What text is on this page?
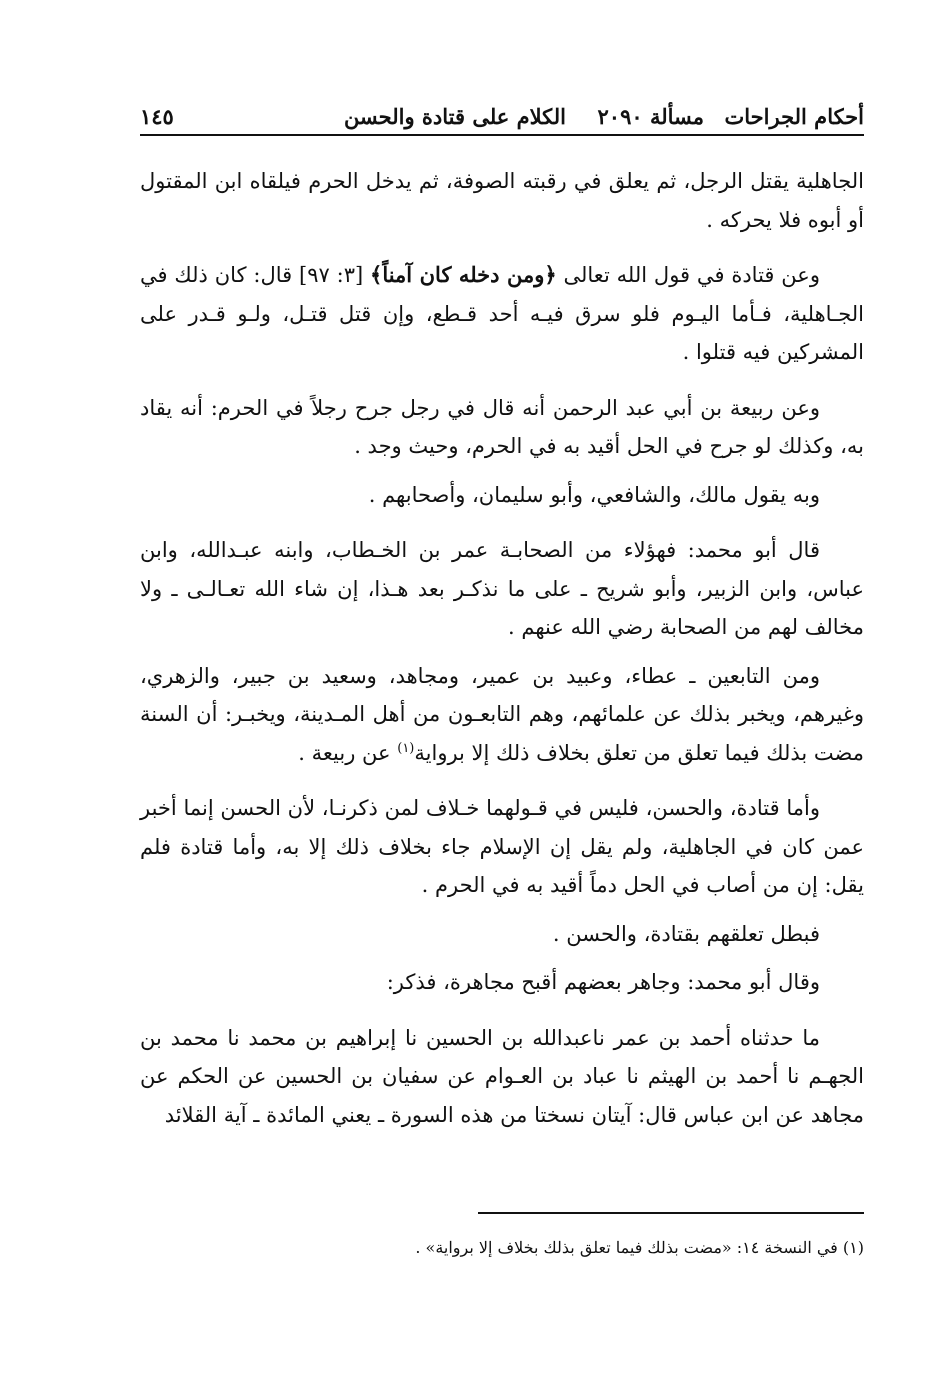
أحكام الجراحات
مسألة ٢٠٩٠
الكلام على قتادة والحسن
١٤٥

الجاهلية يقتل الرجل، ثم يعلق في رقبته الصوفة، ثم يدخل الحرم فيلقاه ابن المقتول أو أبوه فلا يحركه .

وعن قتادة في قول الله تعالى ﴿ومن دخله كان آمناً﴾ [٣: ٩٧] قال: كان ذلك في الجـاهلية، فـأما اليـوم فلو سرق فيـه أحد قـطع، وإن قتل قتـل، ولـو قـدر على المشركين فيه قتلوا .

وعن ربيعة بن أبي عبد الرحمن أنه قال في رجل جرح رجلاً في الحرم: أنه يقاد به، وكذلك لو جرح في الحل أقيد به في الحرم، وحيث وجد .

وبه يقول مالك، والشافعي، وأبو سليمان، وأصحابهم .

قال أبو محمد: فهؤلاء من الصحابـة عمر بن الخـطاب، وابنه عبـدالله، وابن عباس، وابن الزبير، وأبو شريح ـ على ما نذكـر بعد هـذا، إن شاء الله تعـالـى ـ ولا مخالف لهم من الصحابة رضي الله عنهم .

ومن التابعين ـ عطاء، وعبيد بن عمير، ومجاهد، وسعيد بن جبير، والزهري، وغيرهم، ويخبر بذلك عن علمائهم، وهم التابعـون من أهل المـدينة، ويخبـر: أن السنة مضت بذلك فيما تعلق من تعلق بخلاف ذلك إلا برواية$^{(١)}$ عن ربيعة .

وأما قتادة، والحسن، فليس في قـولهما خـلاف لمن ذكرنـا، لأن الحسن إنما أخبر عمن كان في الجاهلية، ولم يقل إن الإسلام جاء بخلاف ذلك إلا به، وأما قتادة فلم يقل: إن من أصاب في الحل دماً أقيد به في الحرم .

فبطل تعلقهم بقتادة، والحسن .

وقال أبو محمد: وجاهر بعضهم أقبح مجاهرة، فذكر:

ما حدثناه أحمد بن عمر ناعبدالله بن الحسين نا إبراهيم بن محمد نا محمد بن الجهـم نا أحمد بن الهيثم نا عباد بن العـوام عن سفيان بن الحسين عن الحكم عن مجاهد عن ابن عباس قال: آيتان نسختا من هذه السورة ـ يعني المائدة ـ آية القلائد

(١) في النسخة ١٤: «مضت بذلك فيما تعلق بذلك بخلاف إلا برواية» .
